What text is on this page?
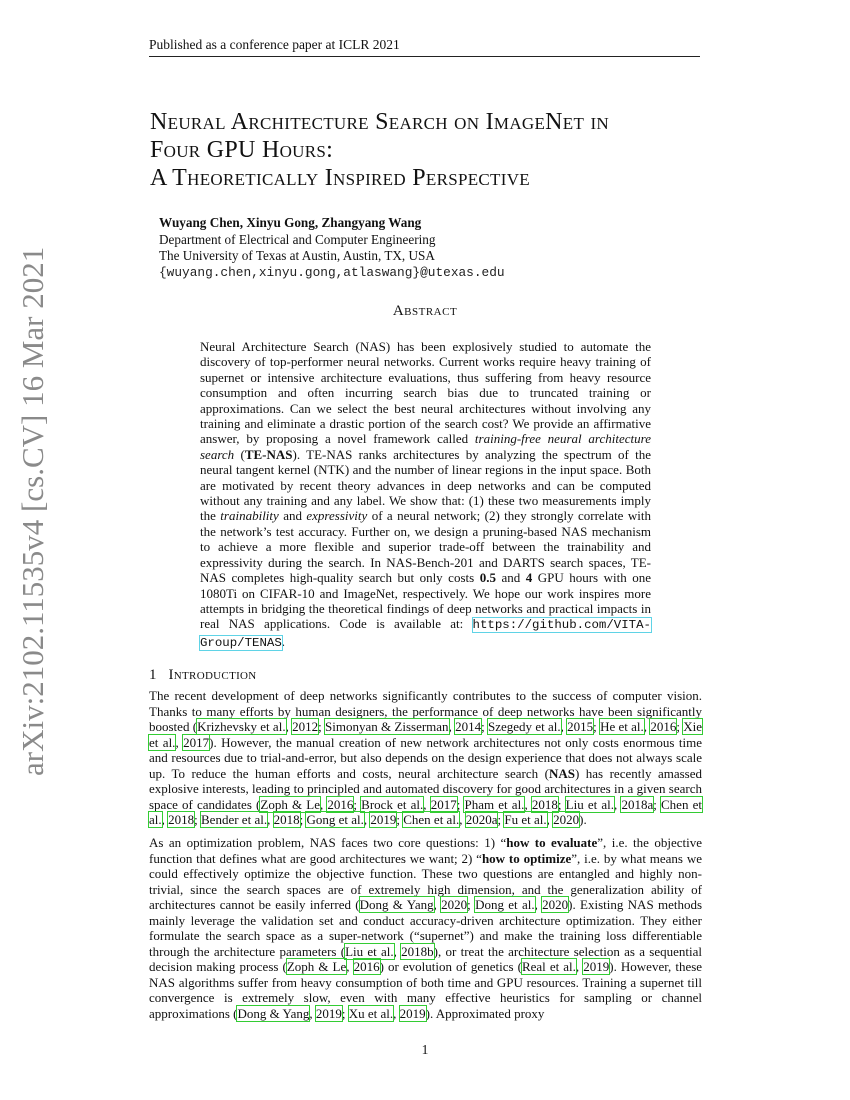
Published as a conference paper at ICLR 2021
arXiv:2102.11535v4 [cs.CV] 16 Mar 2021
Neural Architecture Search on ImageNet in
Four GPU Hours:
A Theoretically Inspired Perspective
Wuyang Chen, Xinyu Gong, Zhangyang Wang
Department of Electrical and Computer Engineering
The University of Texas at Austin, Austin, TX, USA
{wuyang.chen,xinyu.gong,atlaswang}@utexas.edu
Abstract
Neural Architecture Search (NAS) has been explosively studied to automate the discovery of top-performer neural networks. Current works require heavy training of supernet or intensive architecture evaluations, thus suffering from heavy resource consumption and often incurring search bias due to truncated training or approximations. Can we select the best neural architectures without involving any training and eliminate a drastic portion of the search cost? We provide an affirmative answer, by proposing a novel framework called training-free neural architecture search (TE-NAS). TE-NAS ranks architectures by analyzing the spectrum of the neural tangent kernel (NTK) and the number of linear regions in the input space. Both are motivated by recent theory advances in deep networks and can be computed without any training and any label. We show that: (1) these two measurements imply the trainability and expressivity of a neural network; (2) they strongly correlate with the network’s test accuracy. Further on, we design a pruning-based NAS mechanism to achieve a more flexible and superior trade-off between the trainability and expressivity during the search. In NAS-Bench-201 and DARTS search spaces, TE-NAS completes high-quality search but only costs 0.5 and 4 GPU hours with one 1080Ti on CIFAR-10 and ImageNet, respectively. We hope our work inspires more attempts in bridging the theoretical findings of deep networks and practical impacts in real NAS applications. Code is available at: https://github.com/VITA-Group/TENAS.
1 Introduction
The recent development of deep networks significantly contributes to the success of computer vision. Thanks to many efforts by human designers, the performance of deep networks have been significantly boosted (Krizhevsky et al., 2012; Simonyan & Zisserman, 2014; Szegedy et al., 2015; He et al., 2016; Xie et al., 2017). However, the manual creation of new network architectures not only costs enormous time and resources due to trial-and-error, but also depends on the design experience that does not always scale up. To reduce the human efforts and costs, neural architecture search (NAS) has recently amassed explosive interests, leading to principled and automated discovery for good architectures in a given search space of candidates (Zoph & Le, 2016; Brock et al., 2017; Pham et al., 2018; Liu et al., 2018a; Chen et al., 2018; Bender et al., 2018; Gong et al., 2019; Chen et al., 2020a; Fu et al., 2020).
As an optimization problem, NAS faces two core questions: 1) “how to evaluate”, i.e. the objective function that defines what are good architectures we want; 2) “how to optimize”, i.e. by what means we could effectively optimize the objective function. These two questions are entangled and highly non-trivial, since the search spaces are of extremely high dimension, and the generalization ability of architectures cannot be easily inferred (Dong & Yang, 2020; Dong et al., 2020). Existing NAS methods mainly leverage the validation set and conduct accuracy-driven architecture optimization. They either formulate the search space as a super-network (“supernet”) and make the training loss differentiable through the architecture parameters (Liu et al., 2018b), or treat the architecture selection as a sequential decision making process (Zoph & Le, 2016) or evolution of genetics (Real et al., 2019). However, these NAS algorithms suffer from heavy consumption of both time and GPU resources. Training a supernet till convergence is extremely slow, even with many effective heuristics for sampling or channel approximations (Dong & Yang, 2019; Xu et al., 2019). Approximated proxy
1
